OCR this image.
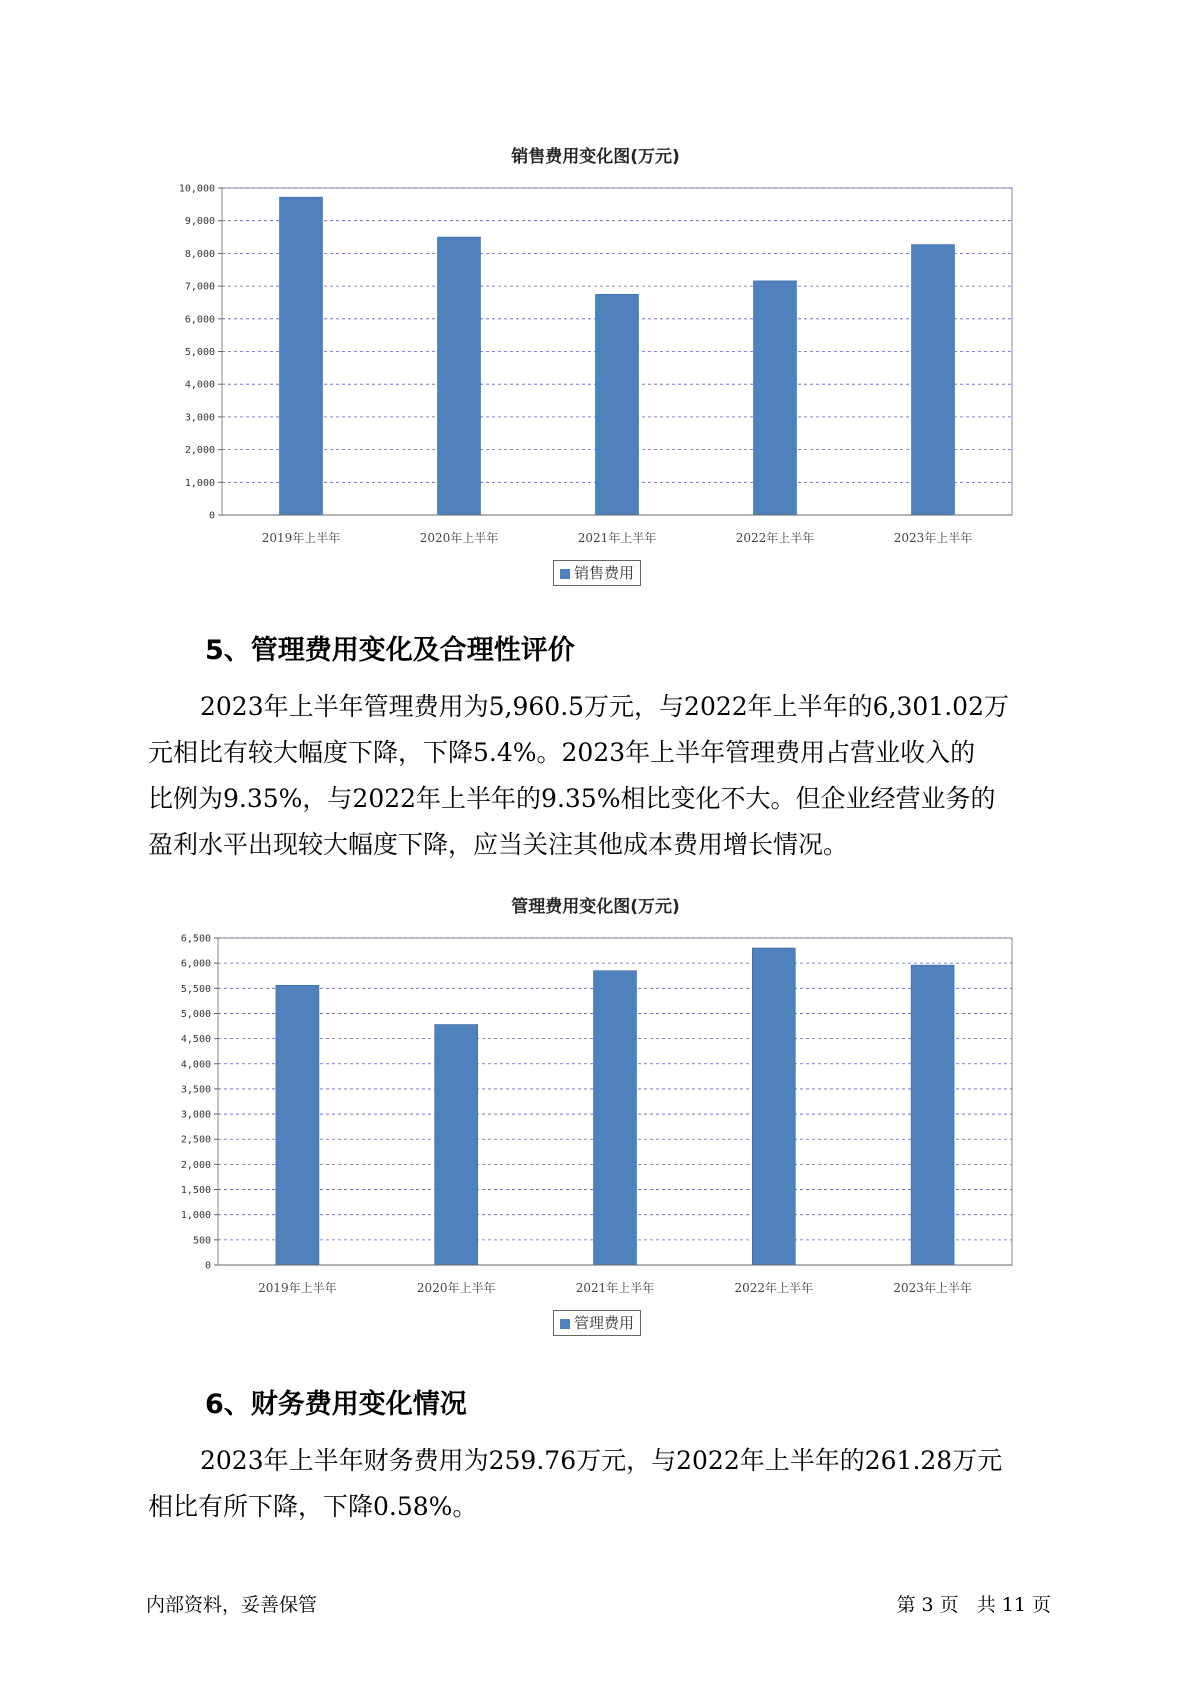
销售费用变化图(万元)
0
1,000
2,000
3,000
4,000
5,000
6,000
7,000
8,000
9,000
10,000
2019年上半年	2020年上半年	2021年上半年	2022年上半年	2023年上半年
销售费用
5、管理费用变化及合理性评价
2023年上半年管理费用为5,960.5万元，与2022年上半年的6,301.02万
元相比有较大幅度下降，下降5.4%。2023年上半年管理费用占营业收入的
比例为9.35%，与2022年上半年的9.35%相比变化不大。但企业经营业务的
盈利水平出现较大幅度下降，应当关注其他成本费用增长情况。
管理费用变化图(万元)
0
500
1,000
1,500
2,000
2,500
3,000
3,500
4,000
4,500
5,000
5,500
6,000
6,500
2019年上半年	2020年上半年	2021年上半年	2022年上半年	2023年上半年
管理费用
6、财务费用变化情况
2023年上半年财务费用为259.76万元，与2022年上半年的261.28万元
相比有所下降，下降0.58%。
内部资料，妥善保管	第 3 页   共 11 页
